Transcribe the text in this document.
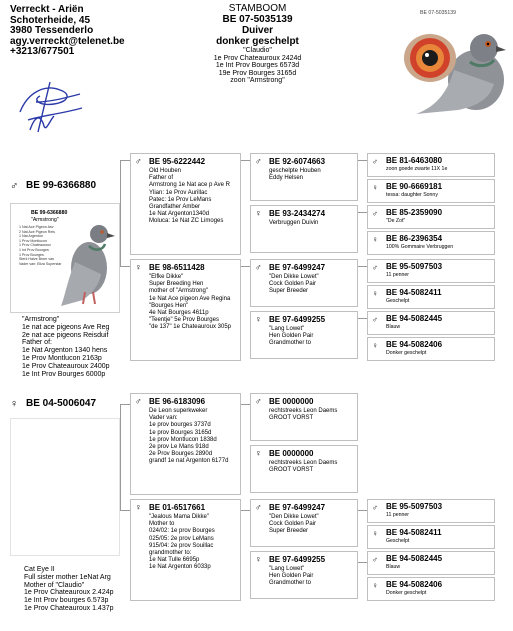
Verreckt - Ariën
Schoterheide, 45
3980 Tessenderlo
agy.verreckt@telenet.be
+3213/677501
STAMBOOM
BE 07-5035139
Duiver
donker geschelpt
"Claudio"
1e Prov Chateauroux 2424d
1e Int Prov Bourges 6573d
19e Prov Bourges 3165d
zoon "Armstrong"
BE 07-5035139
♂ BE 99-6366880
BE 99-6366880
"Armstrong"
1 Nat Ace Pigeon Asv
2 Nat Ace Pigeon Reis
1 Nat Argenton
1 Prov Montlucon
1 Prov Chateauroux
1 Int Prov Bourges
1 Prov Bourges
Sterk Halve Broer van
Vader van: Eliza Superstar
"Armstrong"
1e nat ace pigeons Ave Reg
2e nat ace pigeons Reisduif
Father of:
1e Nat Argenton 1340 hens
1e Prov Montlucon 2163p
1e Prov Chateauroux 2400p
1e Int Prov Bourges 6000p
♀ BE 04-5006047
Cat Eye II
Full sister mother 1eNat Arg
Mother of "Claudio"
1e Prov Chateauroux 2.424p
1e Int Prov bourges 6.573p
1e Prov Chateauroux 1.437p
♂ BE 95-6222442
Old Houben
Father of
Armstrong 1e Nat ace p Ave R
Ylian: 1e Prov Aurillac
Patec: 1e Prov LeMans
Grandfather Amber
1e Nat Argenton1340d
Moluca: 1e Nat ZC Limoges
♀ BE 98-6511428
"Elfke Dikke"
Super Breeding Hen
mother of "Armstrong"
1e Nat Ace pigeon Ave Regina
"Bourges Hen"
4e Nat Bourges 4611p
"Teentje" 5e Prov Bourges
"de 137" 1e Chateauroux 305p
♂ BE 96-6183096
De Leon superkweker
Vader van:
1e prov bourges 3737d
1e prov Bourges 3165d
1e prov Montlucon 1838d
2e prov Le Mans 918d
2e Prov Bourges 2890d
grandf 1e nat Argenton 6177d
♀ BE 01-6517661
"Jealous Mama Dikke"
Mother to
024/02: 1e prov Bourges
025/05: 2e prov LeMans
915/04: 2e prov Souillac
grandmother to:
1e Nat Tulle 6695p
1e Nat Argenton 6033p
♂ BE 92-6074663
geschelpte Houben
Eddy Helsen
♀ BE 93-2434274
Verbruggen Duivin
♂ BE 97-6499247
"Den Dikke Lowet"
Cock Golden Pair
Super Breeder
♀ BE 97-6499255
"Lang Lowet"
Hen Golden Pair
Grandmother to
♂ BE 0000000
rechtstreeks Leon Daems
GROOT VORST
♀ BE 0000000
rechtstreeks Leon Daems
GROOT VORST
♂ BE 97-6499247
"Den Dikke Lowet"
Cock Golden Pair
Super Breeder
♀ BE 97-6499255
"Lang Lowet"
Hen Golden Pair
Grandmother to
♂ BE 81-6463080
zoon goede zwarte 11X 1e
♀ BE 90-6669181
tessa: daughter Sonny
♂ BE 85-2359090
"De Zot"
♀ BE 86-2396354
100% Gommaire Verbruggen
♂ BE 95-5097503
11 penner
♀ BE 94-5082411
Geschelpt
♂ BE 94-5082445
Blauw
♀ BE 94-5082406
Donker geschelpt
♂ BE 95-5097503
11 penner
♀ BE 94-5082411
Geschelpt
♂ BE 94-5082445
Blauw
♀ BE 94-5082406
Donker geschelpt
